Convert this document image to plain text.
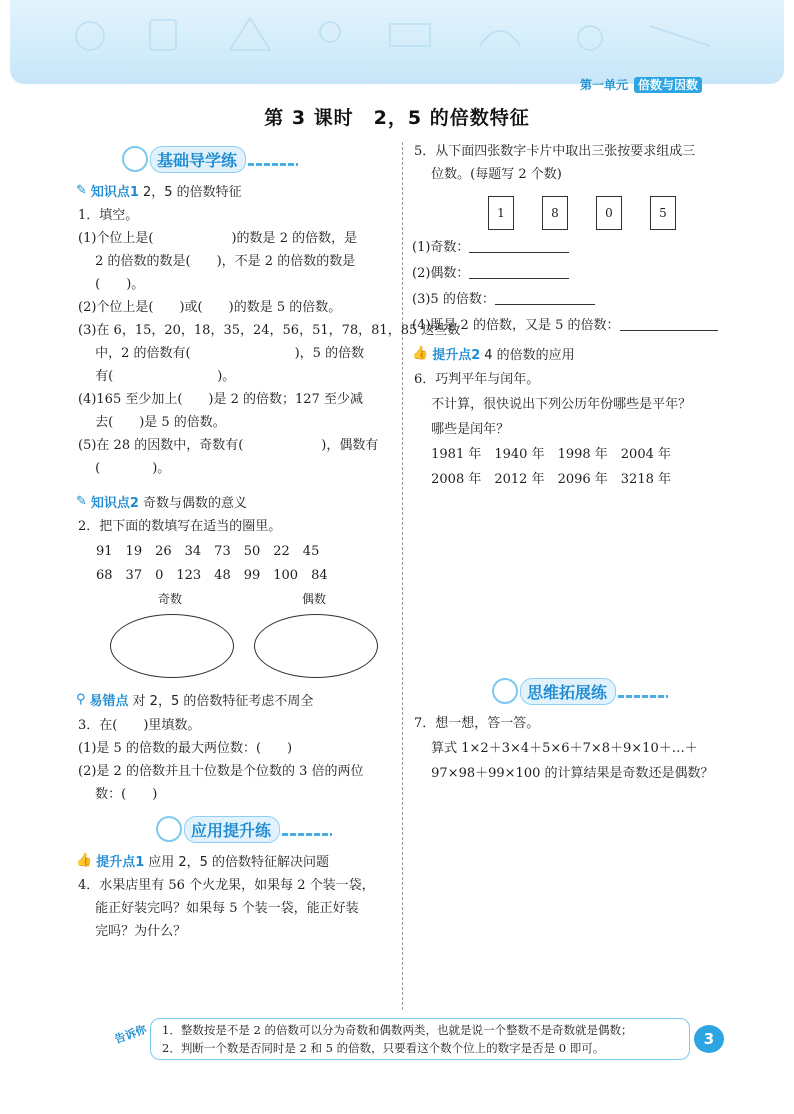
第一单元 倍数与因数
第 3 课时　2，5 的倍数特征
基础导学练
✎ 知识点1 2，5 的倍数特征
1．填空。
(1)个位上是(　　　　　　)的数是 2 的倍数，是
　 2 的倍数的数是(　　)，不是 2 的倍数的数是
　 (　　)。
(2)个位上是(　　)或(　　)的数是 5 的倍数。
(3)在 6，15，20，18，35，24，56，51，78，81，85 这些数
　 中，2 的倍数有(　　　　　　　　)，5 的倍数
　 有(　　　　　　　　)。
(4)165 至少加上(　　)是 2 的倍数；127 至少减
　 去(　　)是 5 的倍数。
(5)在 28 的因数中，奇数有(　　　　　　)，偶数有
　 (　　　　)。
✎ 知识点2 奇数与偶数的意义
2．把下面的数填写在适当的圈里。
91　19　26　34　73　50　22　45
68　37　0　123　48　99　100　84
奇数	偶数
⚲ 易错点 对 2，5 的倍数特征考虑不周全
3．在(　　)里填数。
(1)是 5 的倍数的最大两位数：(　　)
(2)是 2 的倍数并且十位数是个位数的 3 倍的两位
　 数：(　　)
应用提升练
👍 提升点1 应用 2，5 的倍数特征解决问题
4．水果店里有 56 个火龙果，如果每 2 个装一袋，
　 能正好装完吗？如果每 5 个装一袋，能正好装
　 完吗？为什么？
5．从下面四张数字卡片中取出三张按要求组成三
　 位数。(每题写 2 个数)
1	8	0	5
(1)奇数：
(2)偶数：
(3)5 的倍数：
(4)既是 2 的倍数，又是 5 的倍数：
👍 提升点2 4 的倍数的应用
6．巧判平年与闰年。
　 不计算，很快说出下列公历年份哪些是平年？
　 哪些是闰年？
　 1981 年　1940 年　1998 年　2004 年
　 2008 年　2012 年　2096 年　3218 年
思维拓展练
7．想一想，答一答。
　 算式 1×2＋3×4＋5×6＋7×8＋9×10＋…＋
　 97×98＋99×100 的计算结果是奇数还是偶数？
告诉你 1．整数按是不是 2 的倍数可以分为奇数和偶数两类，也就是说一个整数不是奇数就是偶数；
2．判断一个数是否同时是 2 和 5 的倍数，只要看这个数个位上的数字是否是 0 即可。	3
